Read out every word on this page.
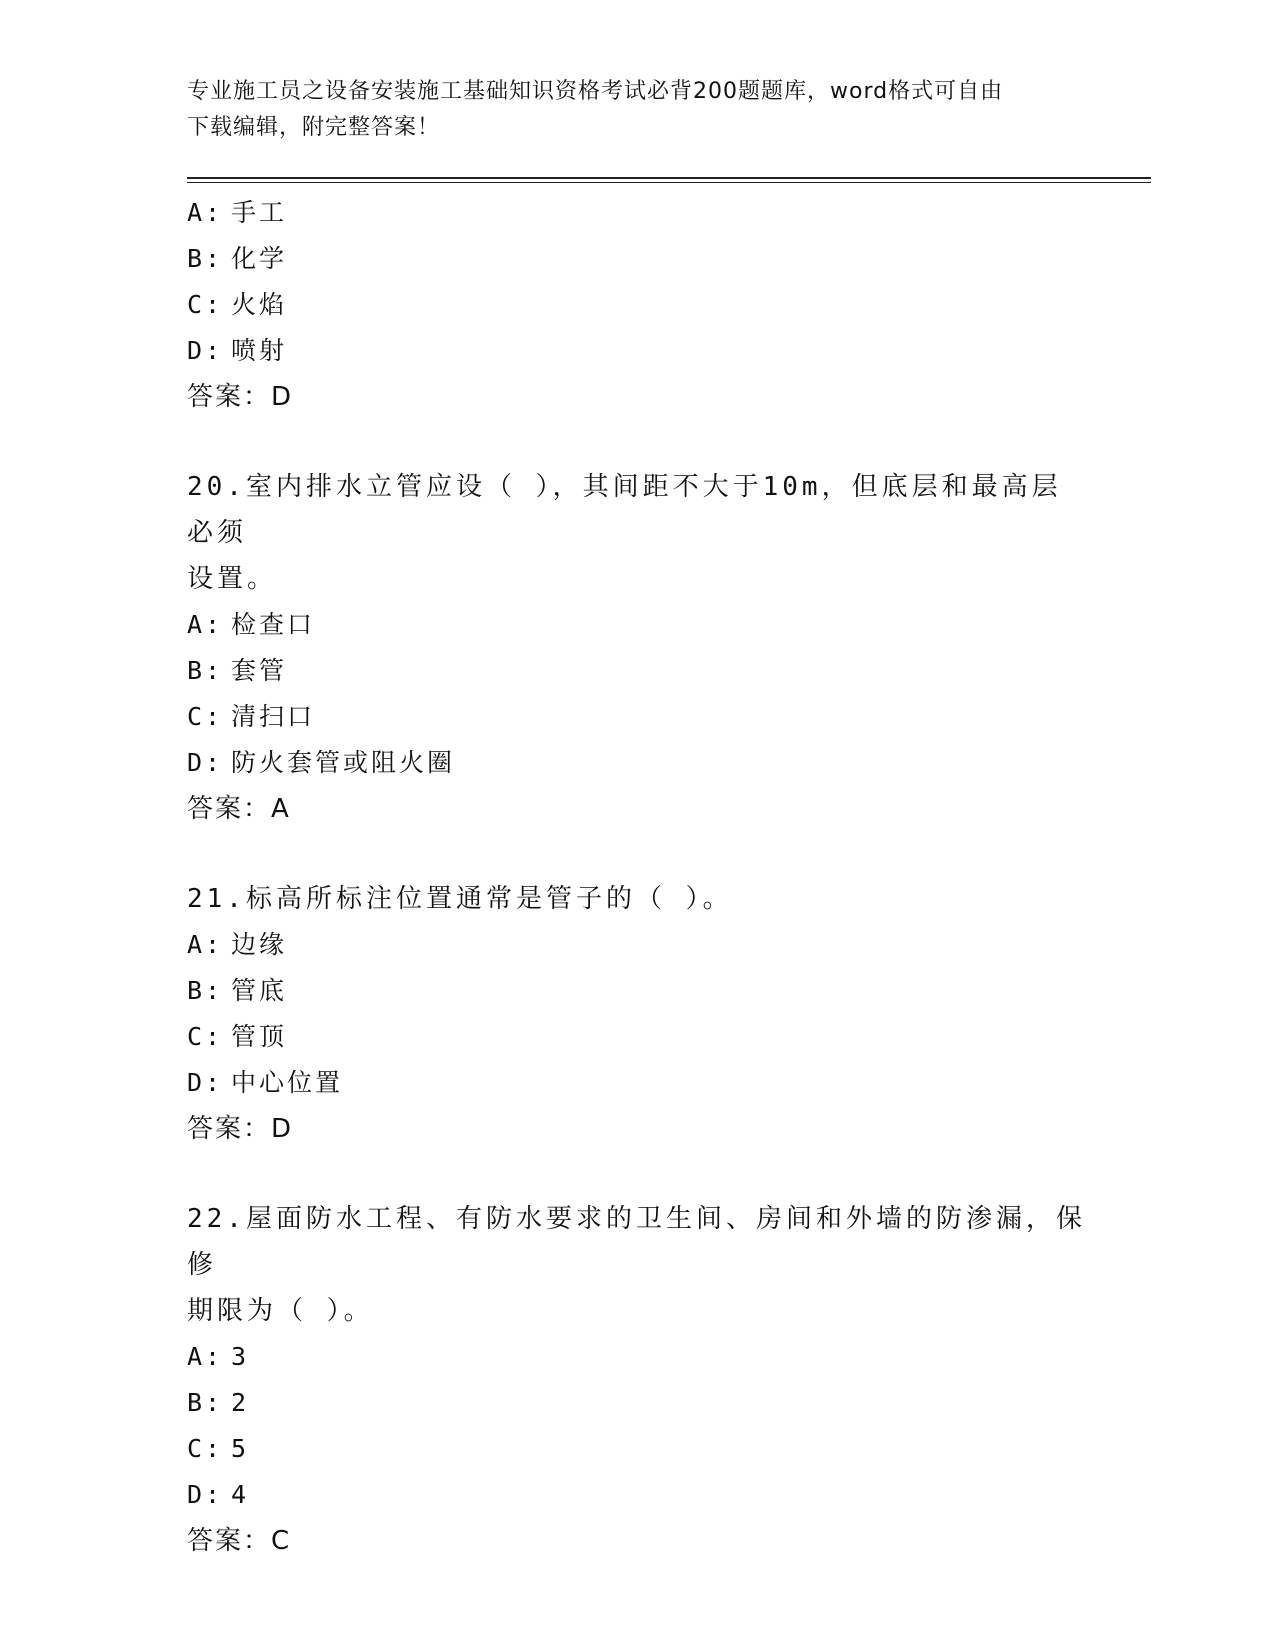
专业施工员之设备安装施工基础知识资格考试必背200题题库，word格式可自由
下载编辑，附完整答案！
A: 手工
B: 化学
C: 火焰
D: 喷射
答案：D
20.室内排水立管应设（ ），其间距不大于10m，但底层和最高层必须
设置。
A: 检查口
B: 套管
C: 清扫口
D: 防火套管或阻火圈
答案：A
21.标高所标注位置通常是管子的（ ）。
A: 边缘
B: 管底
C: 管顶
D: 中心位置
答案：D
22.屋面防水工程、有防水要求的卫生间、房间和外墙的防渗漏，保修
期限为（ ）。
A: 3
B: 2
C: 5
D: 4
答案：C
